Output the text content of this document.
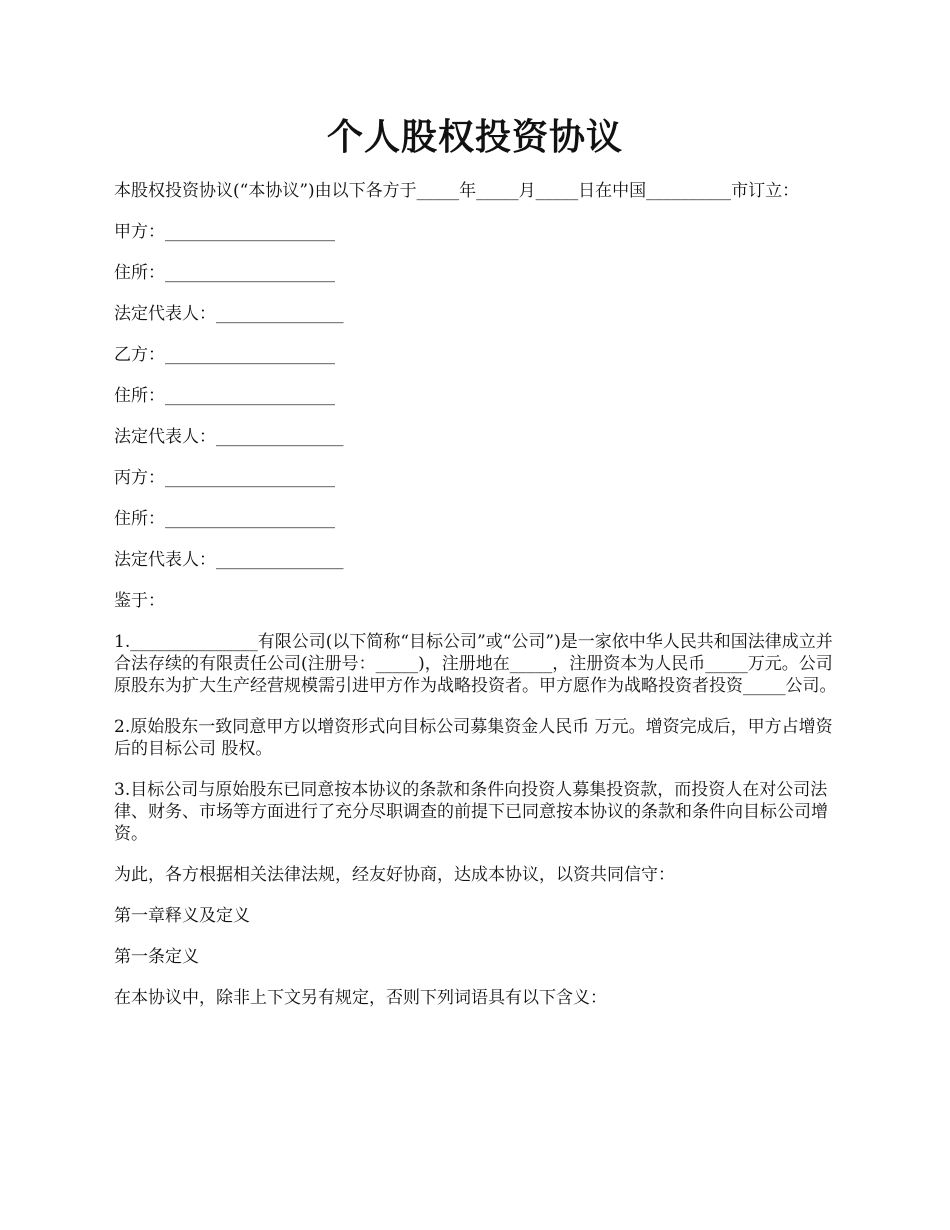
个人股权投资协议

本股权投资协议(“本协议”)由以下各方于_____年_____月_____日在中国__________市订立：

甲方：____________________

住所：____________________

法定代表人：_______________

乙方：____________________

住所：____________________

法定代表人：_______________

丙方：____________________

住所：____________________

法定代表人：_______________

鉴于：

1._______________有限公司(以下简称“目标公司”或“公司”)是一家依中华人民共和国法律成立并合法存续的有限责任公司(注册号：_____)，注册地在_____，注册资本为人民币_____万元。公司原股东为扩大生产经营规模需引进甲方作为战略投资者。甲方愿作为战略投资者投资_____公司。

2.原始股东一致同意甲方以增资形式向目标公司募集资金人民币 万元。增资完成后，甲方占增资后的目标公司 股权。

3.目标公司与原始股东已同意按本协议的条款和条件向投资人募集投资款，而投资人在对公司法律、财务、市场等方面进行了充分尽职调查的前提下已同意按本协议的条款和条件向目标公司增资。

为此，各方根据相关法律法规，经友好协商，达成本协议，以资共同信守：

第一章释义及定义

第一条定义

在本协议中，除非上下文另有规定，否则下列词语具有以下含义：
